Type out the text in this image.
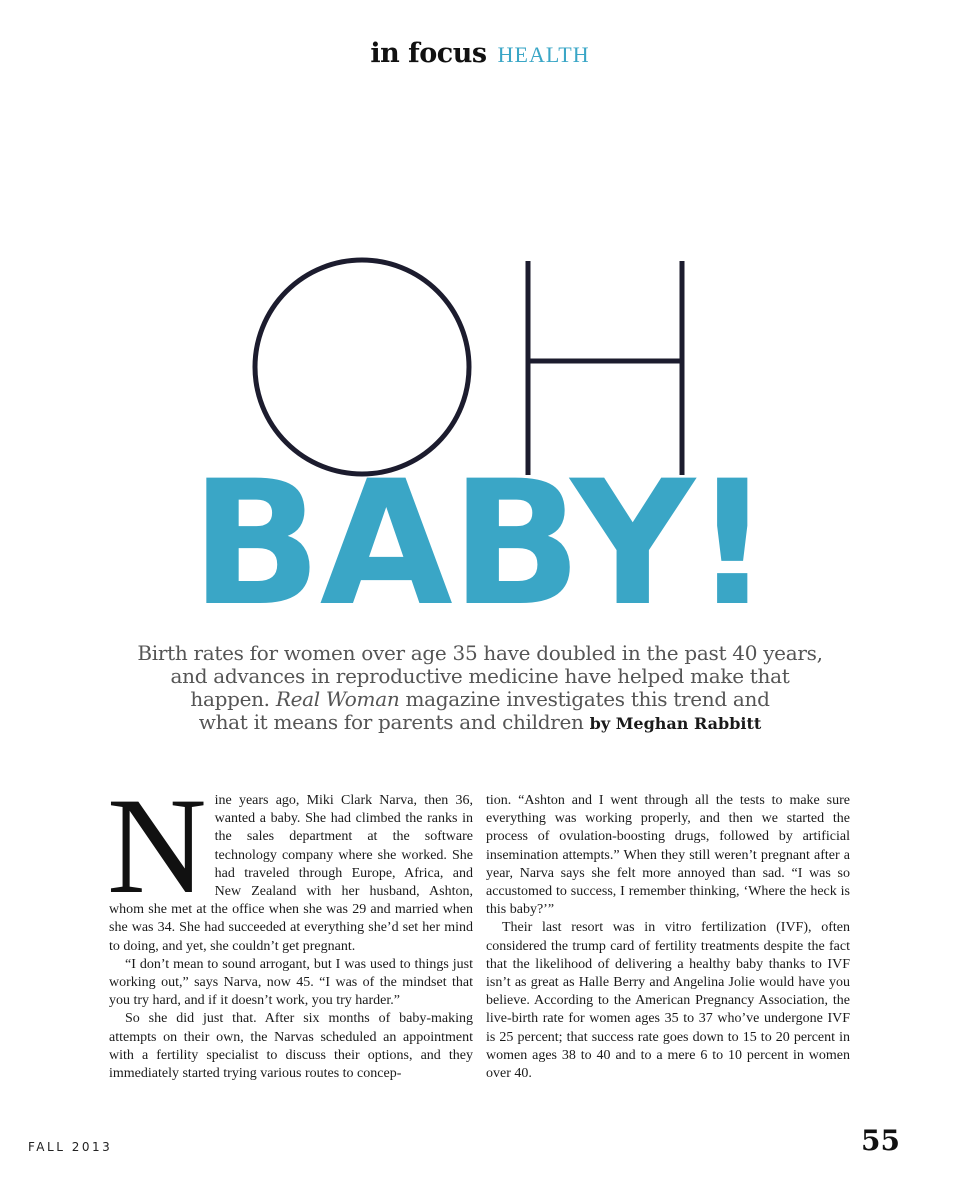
in focus HEALTH
BABY!
Birth rates for women over age 35 have doubled in the past 40 years,
and advances in reproductive medicine have helped make that
happen. Real Woman magazine investigates this trend and
what it means for parents and children by Meghan Rabbitt

Nine years ago, Miki Clark Narva, then 36, wanted a baby. She had climbed the ranks in the sales department at the software technology company where she worked. She had traveled through Europe, Africa, and New Zealand with her husband, Ashton, whom she met at the office when she was 29 and married when she was 34. She had succeeded at everything she’d set her mind to doing, and yet, she couldn’t get pregnant.

“I don’t mean to sound arrogant, but I was used to things just working out,” says Narva, now 45. “I was of the mindset that you try hard, and if it doesn’t work, you try harder.”

So she did just that. After six months of baby-making attempts on their own, the Narvas scheduled an appointment with a fertility specialist to discuss their options, and they immediately started trying various routes to concep-

tion. “Ashton and I went through all the tests to make sure everything was working properly, and then we started the process of ovulation-boosting drugs, followed by artificial insemination attempts.” When they still weren’t pregnant after a year, Narva says she felt more annoyed than sad. “I was so accustomed to success, I remember thinking, ‘Where the heck is this baby?’”

Their last resort was in vitro fertilization (IVF), often considered the trump card of fertility treatments despite the fact that the likelihood of delivering a healthy baby thanks to IVF isn’t as great as Halle Berry and Angelina Jolie would have you believe. According to the American Pregnancy Association, the live-birth rate for women ages 35 to 37 who’ve undergone IVF is 25 percent; that success rate goes down to 15 to 20 percent in women ages 38 to 40 and to a mere 6 to 10 percent in women over 40.

FALL 2013	55
